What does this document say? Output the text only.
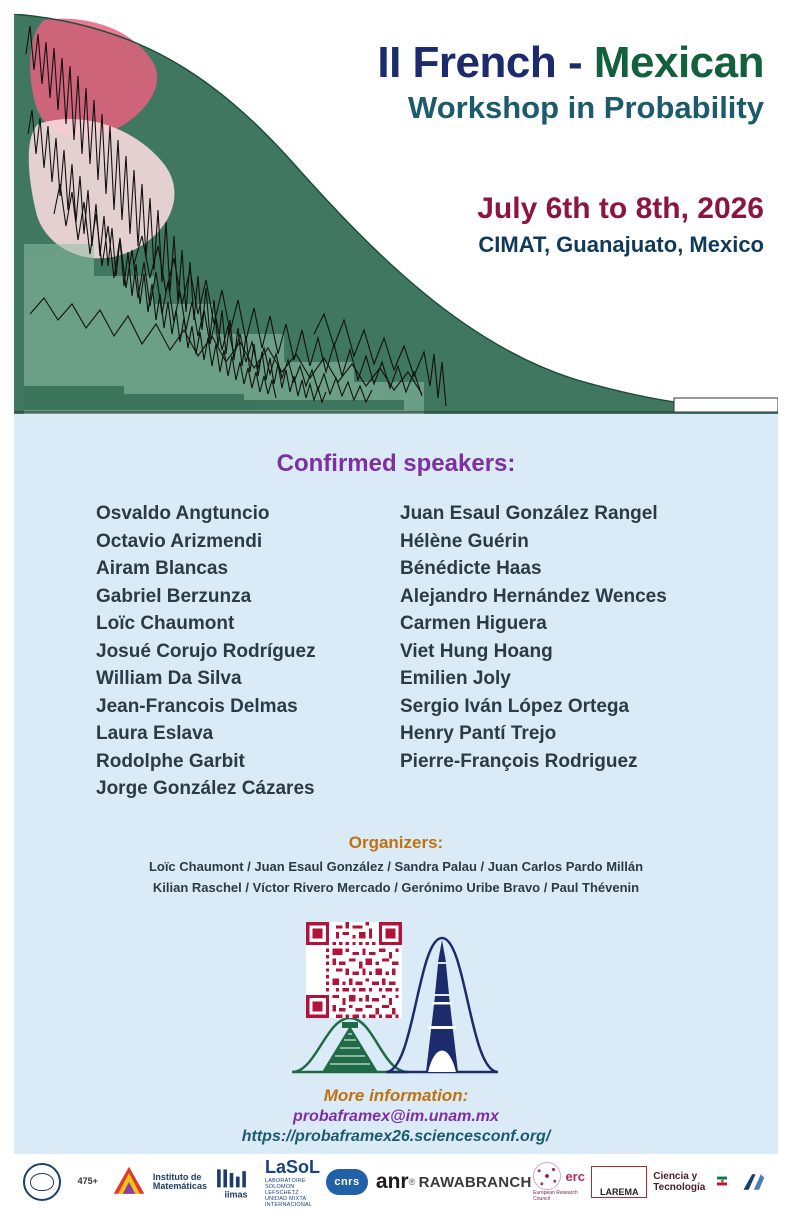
II French - Mexican
Workshop in Probability
July 6th to 8th, 2026
CIMAT, Guanajuato, Mexico
Confirmed speakers:
Osvaldo Angtuncio
Octavio Arizmendi
Airam Blancas
Gabriel Berzunza
Loïc Chaumont
Josué Corujo Rodríguez
William Da Silva
Jean-Francois Delmas
Laura Eslava
Rodolphe Garbit
Jorge González Cázares
Juan Esaul González Rangel
Hélène Guérin
Bénédicte Haas
Alejandro Hernández Wences
Carmen Higuera
Viet Hung Hoang
Emilien Joly
Sergio Iván López Ortega
Henry Pantí Trejo
Pierre-François Rodriguez
Organizers:
Loïc Chaumont / Juan Esaul González / Sandra Palau / Juan Carlos Pardo Millán
Kilian Raschel / Víctor Rivero Mercado / Gerónimo Uribe Bravo / Paul Thévenin
More information:
probaframex@im.unam.mx
https://probaframex26.sciencesconf.org/
475+	Instituto de Matemáticas
iimas
LaSoL
LABORATOIRE SOLOMON LEFSCHETZ · UNIDAD MIXTA INTERNACIONAL
cnrs anr ® RAWABRANCH	erc
European Research Council
LAREMA
Ciencia y Tecnología
